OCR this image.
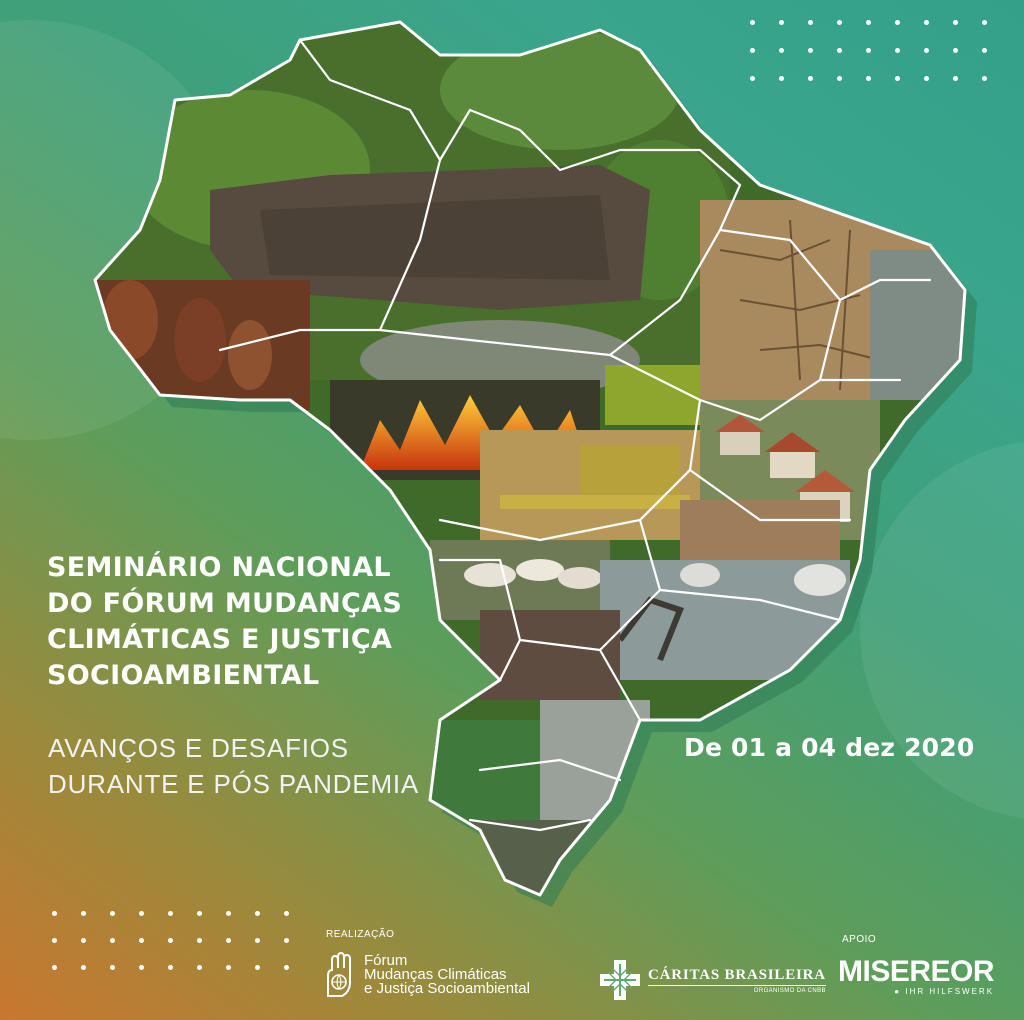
SEMINÁRIO NACIONAL
DO FÓRUM MUDANÇAS
CLIMÁTICAS E JUSTIÇA
SOCIOAMBIENTAL
AVANÇOS E DESAFIOS
DURANTE E PÓS PANDEMIA
De 01 a 04 dez 2020
REALIZAÇÃO	APOIO
Fórum
Mudanças Climáticas
e Justiça Socioambiental
CÁRITAS BRASILEIRA
ORGANISMO DA CNBB
MISEREOR
● IHR HILFSWERK
